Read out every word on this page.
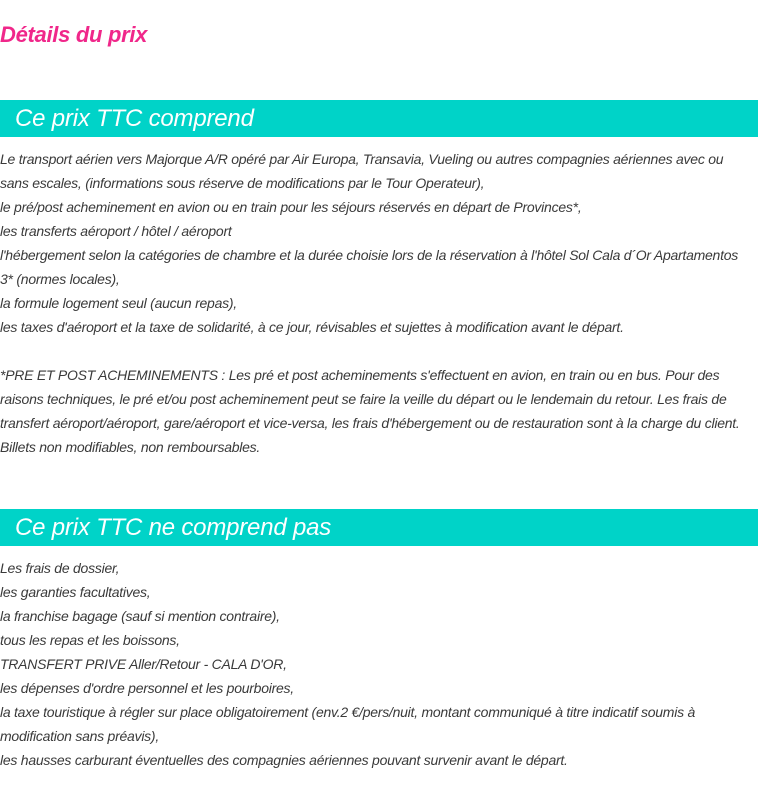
Détails du prix
Ce prix TTC comprend

Le transport aérien vers Majorque A/R opéré par Air Europa, Transavia, Vueling ou autres compagnies aériennes avec ou sans escales, (informations sous réserve de modifications par le Tour Operateur),

le pré/post acheminement en avion ou en train pour les séjours réservés en départ de Provinces*,

les transferts aéroport / hôtel / aéroport

l'hébergement selon la catégories de chambre et la durée choisie lors de la réservation à l'hôtel Sol Cala d´Or Apartamentos 3* (normes locales),

la formule logement seul (aucun repas),

les taxes d'aéroport et la taxe de solidarité, à ce jour, révisables et sujettes à modification avant le départ.

*PRE ET POST ACHEMINEMENTS : Les pré et post acheminements s'effectuent en avion, en train ou en bus. Pour des raisons techniques, le pré et/ou post acheminement peut se faire la veille du départ ou le lendemain du retour. Les frais de transfert aéroport/aéroport, gare/aéroport et vice-versa, les frais d'hébergement ou de restauration sont à la charge du client. Billets non modifiables, non remboursables.

Ce prix TTC ne comprend pas

Les frais de dossier,

les garanties facultatives,

la franchise bagage (sauf si mention contraire),

tous les repas et les boissons,

TRANSFERT PRIVE Aller/Retour - CALA D'OR,

les dépenses d'ordre personnel et les pourboires,

la taxe touristique à régler sur place obligatoirement (env.2 €/pers/nuit, montant communiqué à titre indicatif soumis à modification sans préavis),

les hausses carburant éventuelles des compagnies aériennes pouvant survenir avant le départ.
